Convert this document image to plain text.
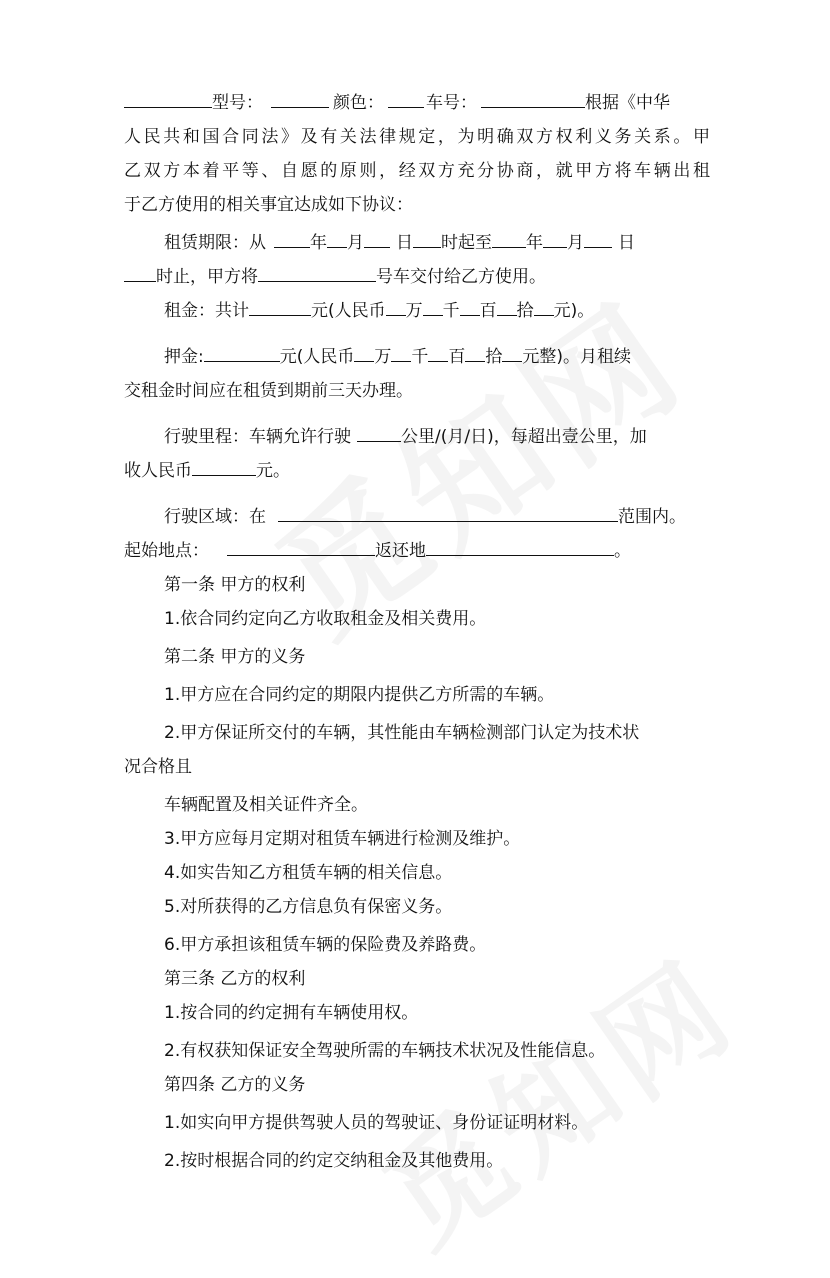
型号：	颜色： 车号：	根据《中华
人民共和国合同法》及有关法律规定，为明确双方权利义务关系。甲
乙双方本着平等、自愿的原则，经双方充分协商，就甲方将车辆出租
于乙方使用的相关事宜达成如下协议：
租赁期限：从	年 月 日 时起至 年 月 日
时止，甲方将	号车交付给乙方使用。
租金：共计	元(人民币 万 千 百 拾 元)。
押金:	元(人民币 万 千 百 拾 元整)。月租续
交租金时间应在租赁到期前三天办理。
行驶里程：车辆允许行驶	公里/(月/日)，每超出壹公里，加
收人民币	元。
行驶区域：在	范围内。
起始地点：	返还地	。
第一条 甲方的权利
1.依合同约定向乙方收取租金及相关费用。
第二条 甲方的义务
1.甲方应在合同约定的期限内提供乙方所需的车辆。
2.甲方保证所交付的车辆，其性能由车辆检测部门认定为技术状
况合格且
车辆配置及相关证件齐全。
3.甲方应每月定期对租赁车辆进行检测及维护。
4.如实告知乙方租赁车辆的相关信息。
5.对所获得的乙方信息负有保密义务。
6.甲方承担该租赁车辆的保险费及养路费。
第三条 乙方的权利
1.按合同的约定拥有车辆使用权。
2.有权获知保证安全驾驶所需的车辆技术状况及性能信息。
第四条 乙方的义务
1.如实向甲方提供驾驶人员的驾驶证、身份证证明材料。
2.按时根据合同的约定交纳租金及其他费用。
